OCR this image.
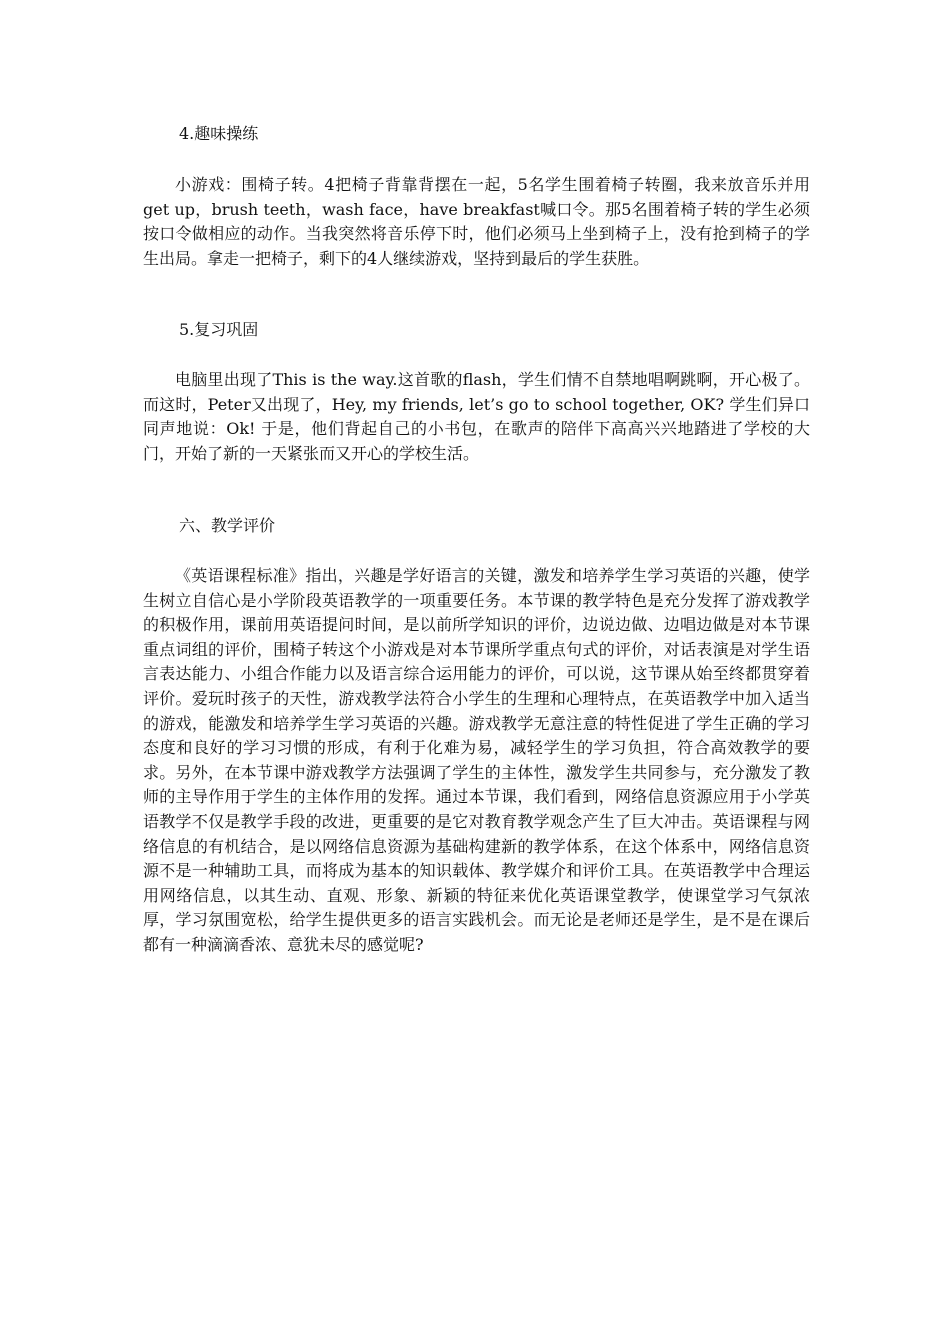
4.趣味操练
小游戏：围椅子转。4把椅子背靠背摆在一起，5名学生围着椅子转圈，我来放音乐并用get up，brush teeth，wash face，have breakfast喊口令。那5名围着椅子转的学生必须按口令做相应的动作。当我突然将音乐停下时，他们必须马上坐到椅子上，没有抢到椅子的学生出局。拿走一把椅子，剩下的4人继续游戏，坚持到最后的学生获胜。
5.复习巩固
电脑里出现了This is the way.这首歌的flash，学生们情不自禁地唱啊跳啊，开心极了。而这时，Peter又出现了，Hey, my friends, let’s go to school together, OK? 学生们异口同声地说：Ok! 于是，他们背起自己的小书包，在歌声的陪伴下高高兴兴地踏进了学校的大门，开始了新的一天紧张而又开心的学校生活。
六、教学评价
《英语课程标准》指出，兴趣是学好语言的关键，激发和培养学生学习英语的兴趣，使学生树立自信心是小学阶段英语教学的一项重要任务。本节课的教学特色是充分发挥了游戏教学的积极作用，课前用英语提问时间，是以前所学知识的评价，边说边做、边唱边做是对本节课重点词组的评价，围椅子转这个小游戏是对本节课所学重点句式的评价，对话表演是对学生语言表达能力、小组合作能力以及语言综合运用能力的评价，可以说，这节课从始至终都贯穿着评价。爱玩时孩子的天性，游戏教学法符合小学生的生理和心理特点，在英语教学中加入适当的游戏，能激发和培养学生学习英语的兴趣。游戏教学无意注意的特性促进了学生正确的学习态度和良好的学习习惯的形成，有利于化难为易，减轻学生的学习负担，符合高效教学的要求。另外，在本节课中游戏教学方法强调了学生的主体性，激发学生共同参与，充分激发了教师的主导作用于学生的主体作用的发挥。通过本节课，我们看到，网络信息资源应用于小学英语教学不仅是教学手段的改进，更重要的是它对教育教学观念产生了巨大冲击。英语课程与网络信息的有机结合，是以网络信息资源为基础构建新的教学体系，在这个体系中，网络信息资源不是一种辅助工具，而将成为基本的知识载体、教学媒介和评价工具。在英语教学中合理运用网络信息，以其生动、直观、形象、新颖的特征来优化英语课堂教学，使课堂学习气氛浓厚，学习氛围宽松，给学生提供更多的语言实践机会。而无论是老师还是学生，是不是在课后都有一种滴滴香浓、意犹未尽的感觉呢?
